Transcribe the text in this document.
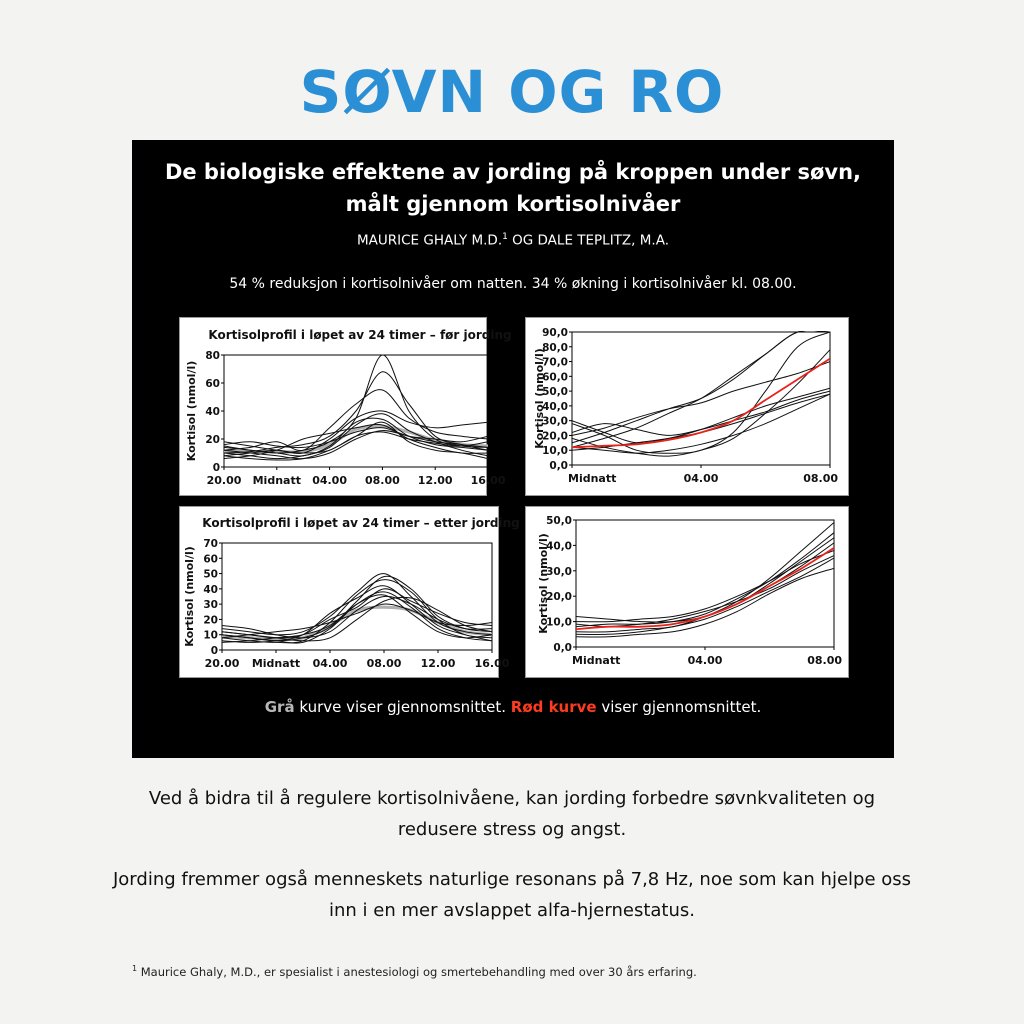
SØVN OG RO
De biologiske effektene av jording på kroppen under søvn,
målt gjennom kortisolnivåer
MAURICE GHALY M.D.$^1$ OG DALE TEPLITZ, M.A.
54 % reduksjon i kortisolnivåer om natten. 34 % økning i kortisolnivåer kl. 08.00.
Kortisolprofil i løpet av 24 timer – før jording
Kortisol (nmol/l)
0
20
40
60
80
20.00 Midnatt 04.00 08.00 12.00 16.00
Kortisol (nmol/l)
0,0
10,0
20,0
30,0
40,0
50,0
60,0
70,0
80,0
90,0
Midnatt	04.00	08.00
Kortisolprofil i løpet av 24 timer – etter jording
Kortisol (nmol/l)
0
10
20
30
40
50
60
70
20.00 Midnatt 04.00 08.00 12.00 16.00
Kortisol (nmol/l)
0,0
10,0
20,0
30,0
40,0
50,0
Midnatt	04.00	08.00
Grå kurve viser gjennomsnittet. Rød kurve viser gjennomsnittet.
Ved å bidra til å regulere kortisolnivåene, kan jording forbedre søvnkvaliteten og
redusere stress og angst.
Jording fremmer også menneskets naturlige resonans på 7,8 Hz, noe som kan hjelpe oss
inn i en mer avslappet alfa-hjernestatus.
$^1$ Maurice Ghaly, M.D., er spesialist i anestesiologi og smertebehandling med over 30 års erfaring.
